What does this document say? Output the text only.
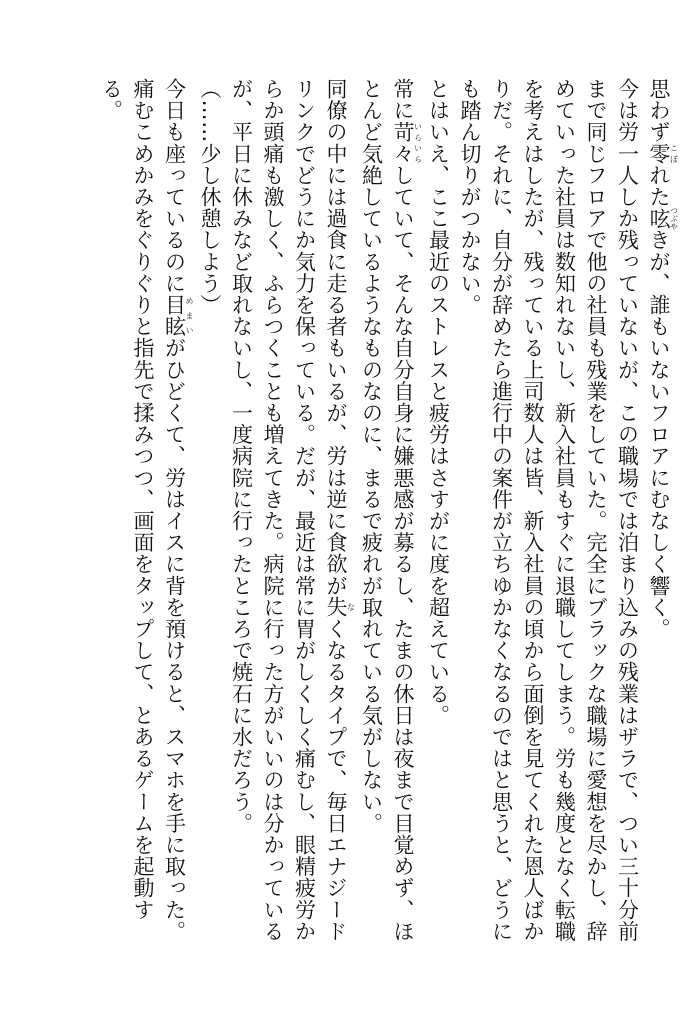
思わず零こぼれた呟つぶやきが、誰もいないフロアにむなしく響く。

今は労一人しか残っていないが、この職場では泊まり込みの残業はザラで、つい三十分前まで同じフロアで他の社員も残業をしていた。完全にブラックな職場に愛想を尽かし、辞めていった社員は数知れないし、新入社員もすぐに退職してしまう。労も幾度となく転職を考えはしたが、残っている上司数人は皆、新入社員の頃から面倒を見てくれた恩人ばかりだ。それに、自分が辞めたら進行中の案件が立ちゆかなくなるのではと思うと、どうにも踏ん切りがつかない。

とはいえ、ここ最近のストレスと疲労はさすがに度を超えている。

常に苛々いらいらしていて、そんな自分自身に嫌悪感が募るし、たまの休日は夜まで目覚めず、ほとんど気絶しているようなものなのに、まるで疲れが取れている気がしない。

同僚の中には過食に走る者もいるが、労は逆に食欲が失なくなるタイプで、毎日エナジードリンクでどうにか気力を保っている。だが、最近は常に胃がしくしく痛むし、眼精疲労からか頭痛も激しく、ふらつくことも増えてきた。病院に行った方がいいのは分かっているが、平日に休みなど取れないし、一度病院に行ったところで焼石に水だろう。

（……少し休憩しよう）

今日も座っているのに目眩めまいがひどくて、労はイスに背を預けると、スマホを手に取った。痛むこめかみをぐりぐりと指先で揉みつつ、画面をタップして、とあるゲームを起動する。
